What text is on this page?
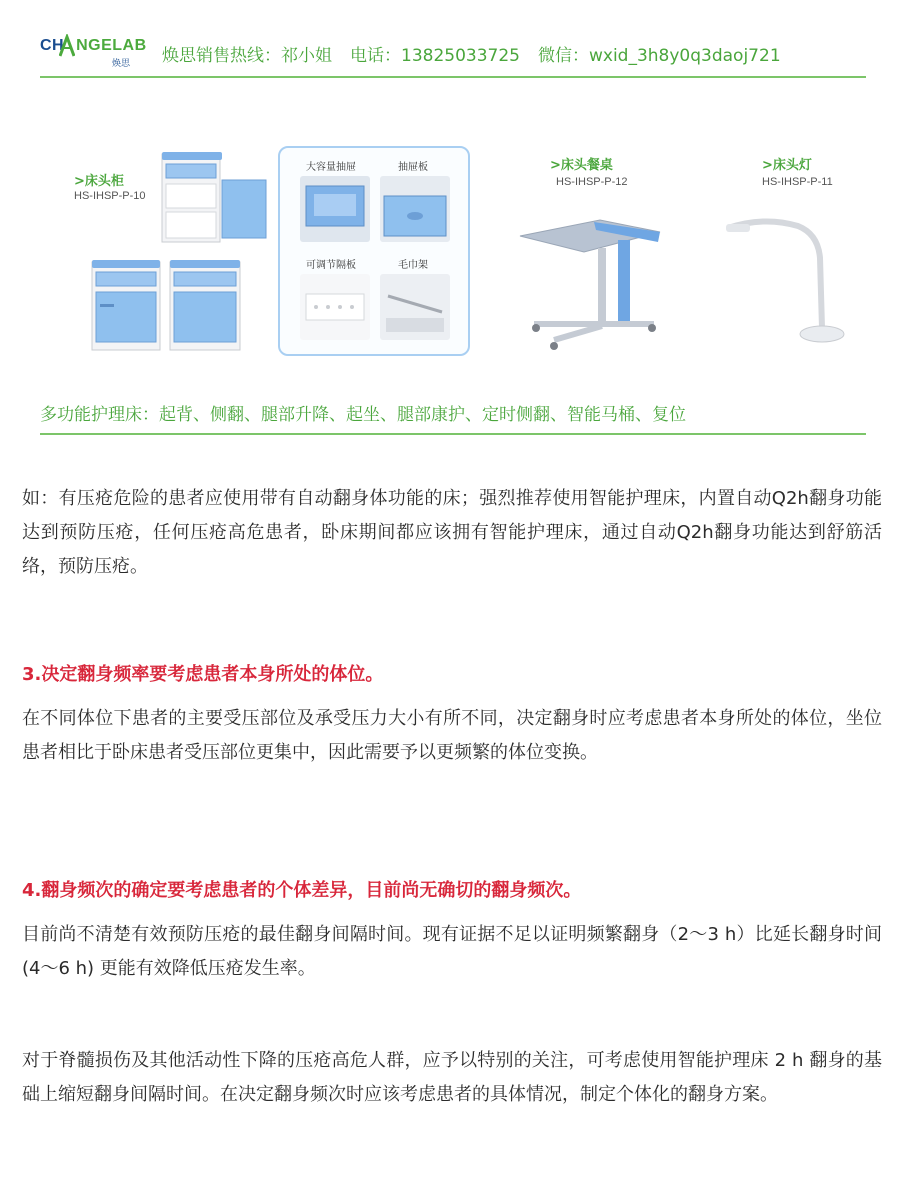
CH NGELAB
焕思 焕思销售热线：祁小姐 电话：13825033725 微信：wxid_3h8y0q3daoj721
>床头柜
HS-IHSP-P-10
大容量抽屉	抽屉板
可调节隔板	毛巾架
>床头餐桌
HS-IHSP-P-12
>床头灯
HS-IHSP-P-11
多功能护理床：起背、侧翻、腿部升降、起坐、腿部康护、定时侧翻、智能马桶、复位

如：有压疮危险的患者应使用带有自动翻身体功能的床；强烈推荐使用智能护理床，内置自动Q2h翻身功能达到预防压疮，任何压疮高危患者，卧床期间都应该拥有智能护理床，通过自动Q2h翻身功能达到舒筋活络，预防压疮。

3.决定翻身频率要考虑患者本身所处的体位。

在不同体位下患者的主要受压部位及承受压力大小有所不同，决定翻身时应考虑患者本身所处的体位，坐位患者相比于卧床患者受压部位更集中，因此需要予以更频繁的体位变换。

4.翻身频次的确定要考虑患者的个体差异，目前尚无确切的翻身频次。

目前尚不清楚有效预防压疮的最佳翻身间隔时间。现有证据不足以证明频繁翻身（2～3 h）比延长翻身时间 (4～6 h) 更能有效降低压疮发生率。

对于脊髓损伤及其他活动性下降的压疮高危人群，应予以特别的关注，可考虑使用智能护理床 2 h 翻身的基础上缩短翻身间隔时间。在决定翻身频次时应该考虑患者的具体情况，制定个体化的翻身方案。
